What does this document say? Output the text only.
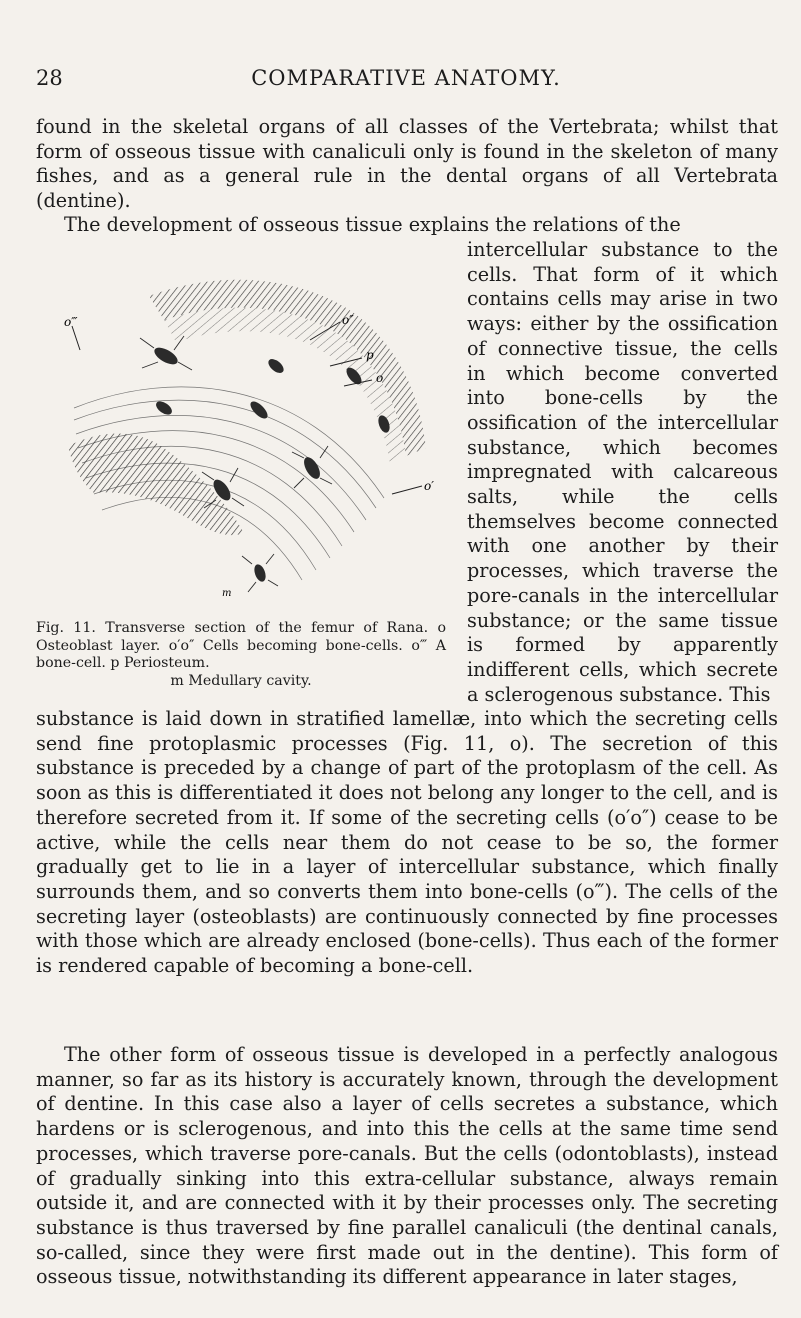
28	COMPARATIVE ANATOMY.

found in the skeletal organs of all classes of the Vertebrata; whilst that form of osseous tissue with canaliculi only is found in the skeleton of many fishes, and as a general rule in the dental organs of all Vertebrata (dentine).

The development of osseous tissue explains the relations of the

intercellular substance to the cells. That form of it which contains cells may arise in two ways: either by the ossification of connective tissue, the cells in which become converted into bone-cells by the ossification of the intercellular substance, which becomes impregnated with calcareous salts, while the cells themselves become connected with one another by their processes, which traverse the pore-canals in the intercellular substance; or the same tissue is formed by apparently indifferent cells, which secrete a sclerogenous substance. This

o‴	o″
p
o
o′
m
Fig. 11. Transverse section of the femur of Rana. o Osteoblast layer. o′o″ Cells becoming bone-cells. o‴ A bone-cell. p Periosteum.
m Medullary cavity.

substance is laid down in stratified lamellæ, into which the secreting cells send fine protoplasmic processes (Fig. 11, o). The secretion of this substance is preceded by a change of part of the protoplasm of the cell. As soon as this is differentiated it does not belong any longer to the cell, and is therefore secreted from it. If some of the secreting cells (o′o″) cease to be active, while the cells near them do not cease to be so, the former gradually get to lie in a layer of intercellular substance, which finally surrounds them, and so converts them into bone-cells (o‴). The cells of the secreting layer (osteoblasts) are continuously connected by fine processes with those which are already enclosed (bone-cells). Thus each of the former is rendered capable of becoming a bone-cell.

The other form of osseous tissue is developed in a perfectly analogous manner, so far as its history is accurately known, through the development of dentine. In this case also a layer of cells secretes a substance, which hardens or is sclerogenous, and into this the cells at the same time send processes, which traverse pore-canals. But the cells (odontoblasts), instead of gradually sinking into this extra-cellular substance, always remain outside it, and are connected with it by their processes only. The secreting substance is thus traversed by fine parallel canaliculi (the dentinal canals, so-called, since they were first made out in the dentine). This form of osseous tissue, notwithstanding its different appearance in later stages,
